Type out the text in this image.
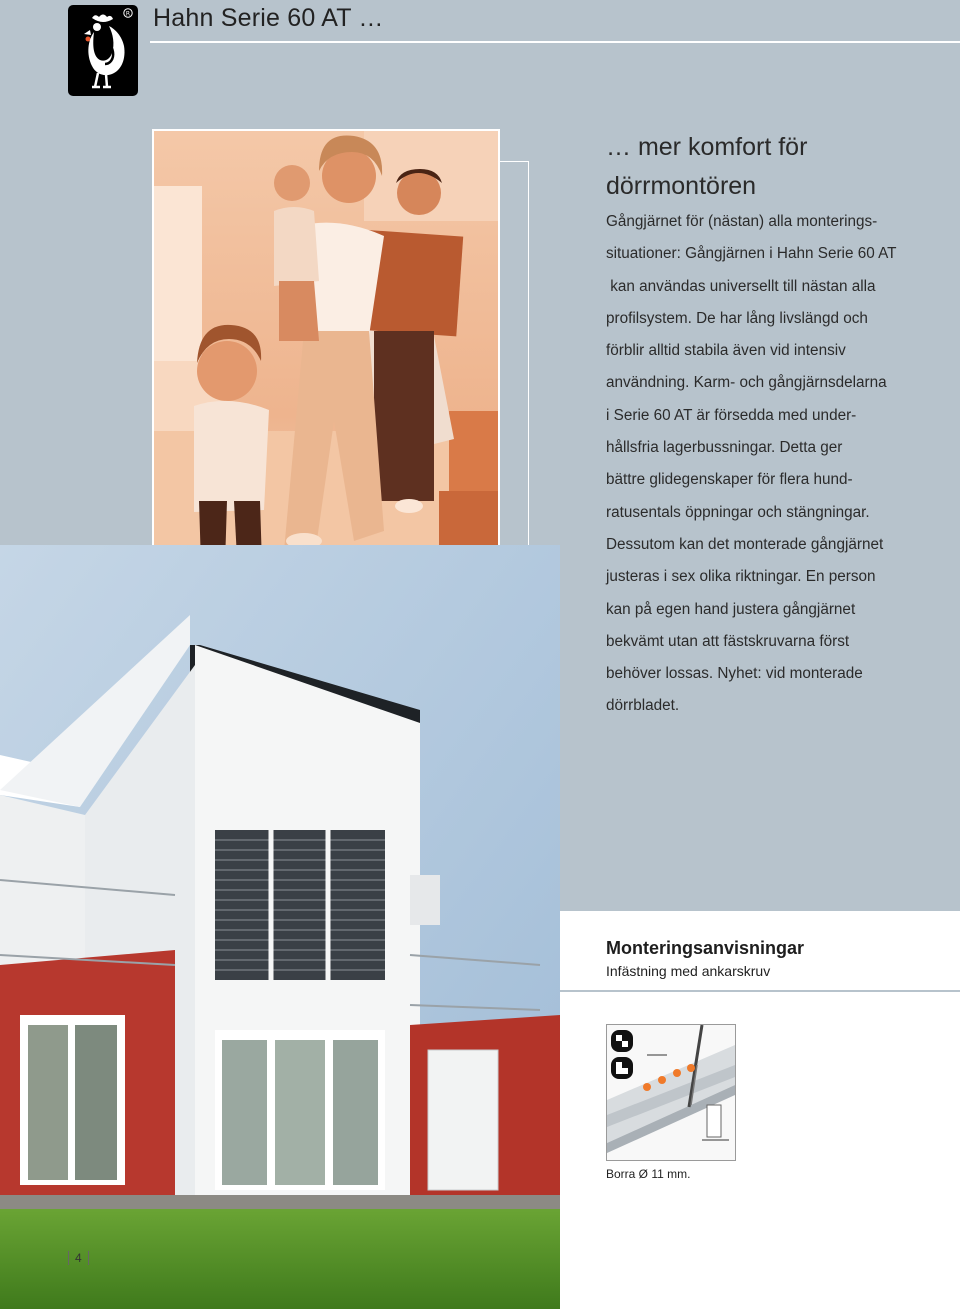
R Hahn Serie 60 AT …
… mer komfort för
dörrmontören
Gångjärnet för (nästan) alla monterings-
situationer: Gångjärnen i Hahn Serie 60 AT
kan användas universellt till nästan alla
profilsystem. De har lång livslängd och
förblir alltid stabila även vid intensiv
användning. Karm- och gångjärnsdelarna
i Serie 60 AT är försedda med under-
hållsfria lagerbussningar. Detta ger
bättre glidegenskaper för flera hund-
ratusentals öppningar och stängningar.
Dessutom kan det monterade gångjärnet
justeras i sex olika riktningar. En person
kan på egen hand justera gångjärnet
bekvämt utan att fästskruvarna först
behöver lossas. Nyhet: vid monterade
dörrbladet.
Monteringsanvisningar
Infästning med ankarskruv
Borra Ø 11 mm.
4
